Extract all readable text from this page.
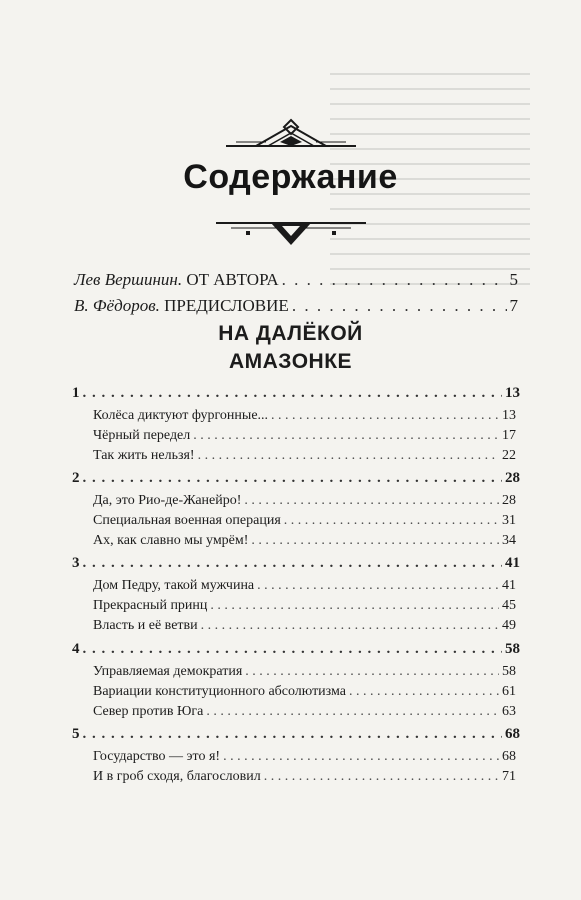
Содержание
Лев Вершинин. ОТ АВТОРА . . .	5
В. Фёдоров. ПРЕДИСЛОВИЕ . . .	7
НА ДАЛЁКОЙ
АМАЗОНКЕ
1 . . .	13
Колёса диктуют фургонные... . . .	13
Чёрный передел . . .	17
Так жить нельзя! . . .	22
2 . . .	28
Да, это Рио-де-Жанейро! . . .	28
Специальная военная операция . . .	31
Ах, как славно мы умрём! . . .	34
3 . . .	41
Дом Педру, такой мужчина . . .	41
Прекрасный принц . . .	45
Власть и её ветви . . .	49
4 . . .	58
Управляемая демократия . . .	58
Вариации конституционного абсолютизма . . .	61
Север против Юга . . .	63
5 . . .	68
Государство — это я! . . .	68
И в гроб сходя, благословил . . .	71
